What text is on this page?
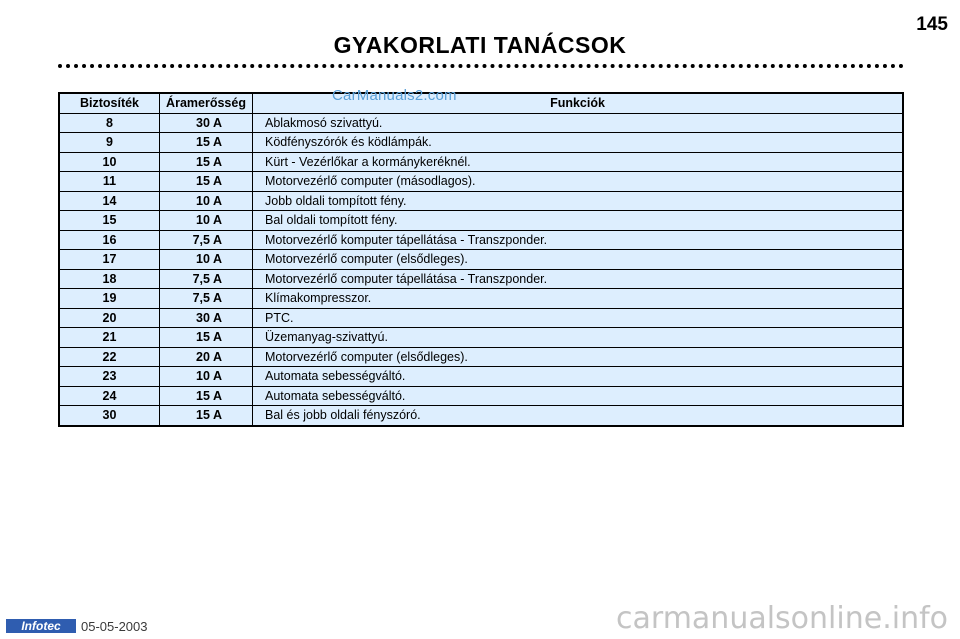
145
GYAKORLATI TANÁCSOK
Biztosíték	Áramerősség	Funkciók
8	30 A	Ablakmosó szivattyú.
9	15 A	Ködfényszórók és ködlámpák.
10	15 A	Kürt - Vezérlőkar a kormánykeréknél.
11	15 A	Motorvezérlő computer (másodlagos).
14	10 A	Jobb oldali tompított fény.
15	10 A	Bal oldali tompított fény.
16	7,5 A	Motorvezérlő komputer tápellátása - Transzponder.
17	10 A	Motorvezérlő computer (elsődleges).
18	7,5 A	Motorvezérlő computer tápellátása - Transzponder.
19	7,5 A	Klímakompresszor.
20	30 A	PTC.
21	15 A	Üzemanyag-szivattyú.
22	20 A	Motorvezérlő computer (elsődleges).
23	10 A	Automata sebességváltó.
24	15 A	Automata sebességváltó.
30	15 A	Bal és jobb oldali fényszóró.
CarManuals2.com
Infotec	05-05-2003	carmanualsonline.info
